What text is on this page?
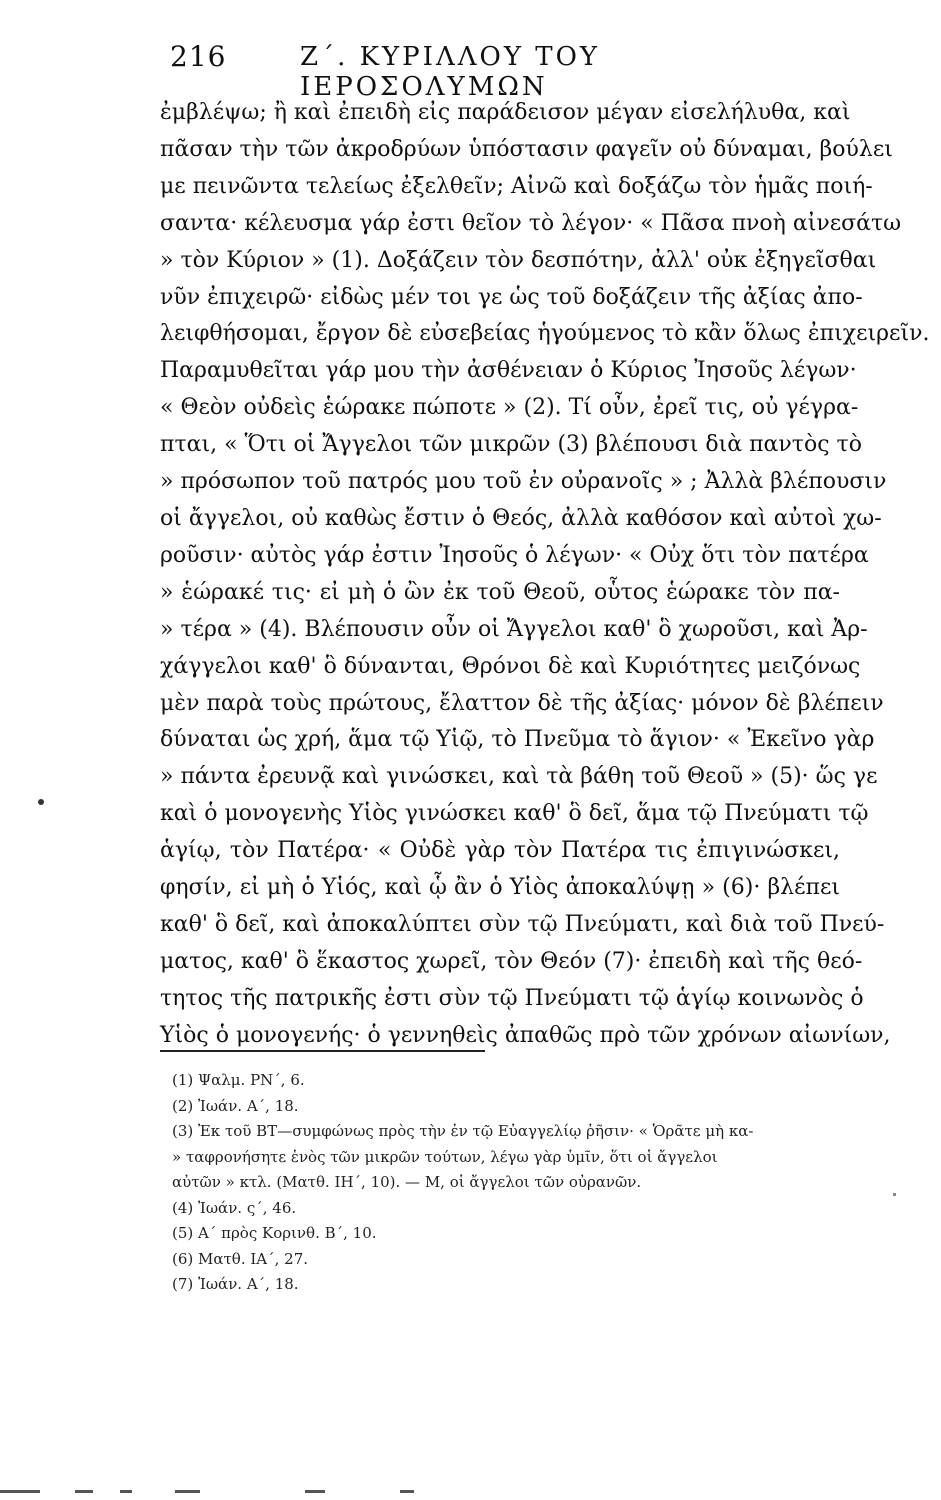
216	Ζ΄. ΚΥΡΙΛΛΟΥ ΤΟΥ ΙΕΡΟΣΟΛΥΜΩΝ
ἐμβλέψω; ἢ καὶ ἐπειδὴ εἰς παράδεισον μέγαν εἰσελήλυθα, καὶ
πᾶσαν τὴν τῶν ἀκροδρύων ὑπόστασιν φαγεῖν οὐ δύναμαι, βούλει
με πεινῶντα τελείως ἐξελθεῖν; Αἰνῶ καὶ δοξάζω τὸν ἡμᾶς ποιή-
σαντα· κέλευσμα γάρ ἐστι θεῖον τὸ λέγον· « Πᾶσα πνοὴ αἰνεσάτω
» τὸν Κύριον » (1). Δοξάζειν τὸν δεσπότην, ἀλλ' οὐκ ἐξηγεῖσθαι
νῦν ἐπιχειρῶ· εἰδὼς μέν τοι γε ὡς τοῦ δοξάζειν τῆς ἀξίας ἀπο-
λειφθήσομαι, ἔργον δὲ εὐσεβείας ἡγούμενος τὸ κἂν ὅλως ἐπιχειρεῖν.
Παραμυθεῖται γάρ μου τὴν ἀσθένειαν ὁ Κύριος Ἰησοῦς λέγων·
« Θεὸν οὐδεὶς ἑώρακε πώποτε » (2). Τί οὖν, ἐρεῖ τις, οὐ γέγρα-
πται, « Ὅτι οἱ Ἄγγελοι τῶν μικρῶν (3) βλέπουσι διὰ παντὸς τὸ
» πρόσωπον τοῦ πατρός μου τοῦ ἐν οὐρανοῖς » ; Ἀλλὰ βλέπουσιν
οἱ ἄγγελοι, οὐ καθὼς ἔστιν ὁ Θεός, ἀλλὰ καθόσον καὶ αὐτοὶ χω-
ροῦσιν· αὐτὸς γάρ ἐστιν Ἰησοῦς ὁ λέγων· « Οὐχ ὅτι τὸν πατέρα
» ἑώρακέ τις· εἰ μὴ ὁ ὢν ἐκ τοῦ Θεοῦ, οὗτος ἑώρακε τὸν πα-
» τέρα » (4). Βλέπουσιν οὖν οἱ Ἄγγελοι καθ' ὃ χωροῦσι, καὶ Ἀρ-
χάγγελοι καθ' ὃ δύνανται, Θρόνοι δὲ καὶ Κυριότητες μειζόνως
μὲν παρὰ τοὺς πρώτους, ἔλαττον δὲ τῆς ἀξίας· μόνον δὲ βλέπειν
δύναται ὡς χρή, ἅμα τῷ Υἱῷ, τὸ Πνεῦμα τὸ ἅγιον· « Ἐκεῖνο γὰρ
» πάντα ἐρευνᾷ καὶ γινώσκει, καὶ τὰ βάθη τοῦ Θεοῦ » (5)· ὥς γε
καὶ ὁ μονογενὴς Υἱὸς γινώσκει καθ' ὃ δεῖ, ἅμα τῷ Πνεύματι τῷ
ἁγίῳ, τὸν Πατέρα· « Οὐδὲ γὰρ τὸν Πατέρα τις ἐπιγινώσκει,
φησίν, εἰ μὴ ὁ Υἱός, καὶ ᾧ ἂν ὁ Υἱὸς ἀποκαλύψῃ » (6)· βλέπει
καθ' ὃ δεῖ, καὶ ἀποκαλύπτει σὺν τῷ Πνεύματι, καὶ διὰ τοῦ Πνεύ-
ματος, καθ' ὃ ἕκαστος χωρεῖ, τὸν Θεόν (7)· ἐπειδὴ καὶ τῆς θεό-
τητος τῆς πατρικῆς ἐστι σὺν τῷ Πνεύματι τῷ ἁγίῳ κοινωνὸς ὁ
Υἱὸς ὁ μονογενής· ὁ γεννηθεὶς ἀπαθῶς πρὸ τῶν χρόνων αἰωνίων,
(1) Ψαλμ. ΡΝ΄, 6.
(2) Ἰωάν. Α΄, 18.
(3) Ἐκ τοῦ ΒΤ—συμφώνως πρὸς τὴν ἐν τῷ Εὐαγγελίῳ ῥῆσιν· « Ὁρᾶτε μὴ κα-
» ταφρονήσητε ἑνὸς τῶν μικρῶν τούτων, λέγω γὰρ ὑμῖν, ὅτι οἱ ἄγγελοι
αὐτῶν » κτλ. (Ματθ. ΙΗ΄, 10). — Μ, οἱ ἄγγελοι τῶν οὐρανῶν.
(4) Ἰωάν. ς΄, 46.
(5) Α΄ πρὸς Κορινθ. Β΄, 10.
(6) Ματθ. ΙΑ΄, 27.
(7) Ἰωάν. Α΄, 18.
